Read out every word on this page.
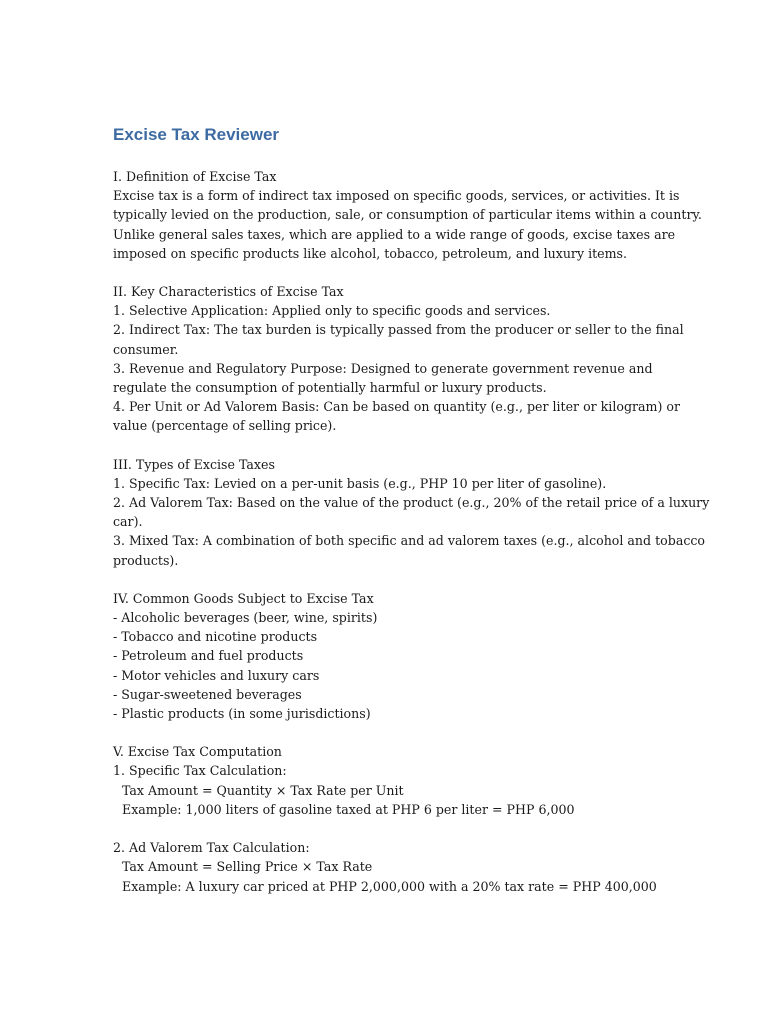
Excise Tax Reviewer

I. Definition of Excise Tax

Excise tax is a form of indirect tax imposed on specific goods, services, or activities. It is

typically levied on the production, sale, or consumption of particular items within a country.

Unlike general sales taxes, which are applied to a wide range of goods, excise taxes are

imposed on specific products like alcohol, tobacco, petroleum, and luxury items.

II. Key Characteristics of Excise Tax

1. Selective Application: Applied only to specific goods and services.

2. Indirect Tax: The tax burden is typically passed from the producer or seller to the final

consumer.

3. Revenue and Regulatory Purpose: Designed to generate government revenue and

regulate the consumption of potentially harmful or luxury products.

4. Per Unit or Ad Valorem Basis: Can be based on quantity (e.g., per liter or kilogram) or

value (percentage of selling price).

III. Types of Excise Taxes

1. Specific Tax: Levied on a per-unit basis (e.g., PHP 10 per liter of gasoline).

2. Ad Valorem Tax: Based on the value of the product (e.g., 20% of the retail price of a luxury

car).

3. Mixed Tax: A combination of both specific and ad valorem taxes (e.g., alcohol and tobacco

products).

IV. Common Goods Subject to Excise Tax

- Alcoholic beverages (beer, wine, spirits)

- Tobacco and nicotine products

- Petroleum and fuel products

- Motor vehicles and luxury cars

- Sugar-sweetened beverages

- Plastic products (in some jurisdictions)

V. Excise Tax Computation

1. Specific Tax Calculation:

Tax Amount = Quantity × Tax Rate per Unit

Example: 1,000 liters of gasoline taxed at PHP 6 per liter = PHP 6,000

2. Ad Valorem Tax Calculation:

Tax Amount = Selling Price × Tax Rate

Example: A luxury car priced at PHP 2,000,000 with a 20% tax rate = PHP 400,000
